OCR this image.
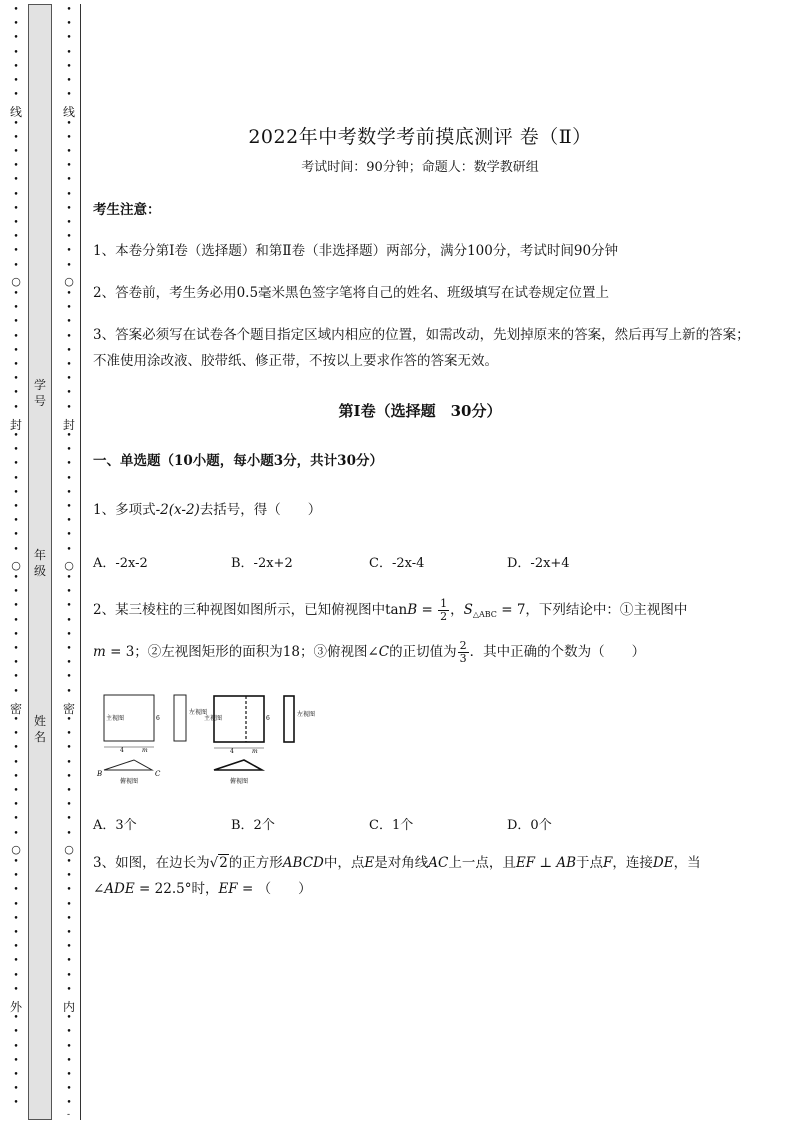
•
•
•
•
•
•
•
线
•
•
•
•
•
•
•
•
•
•
•
○
•
•
•
•
•
•
•
•
•
封
•
•
•
•
•
•
•
•
•
○
•
•
•
•
•
•
•
•
•
密
•
•
•
•
•
•
•
•
•
○
•
•
•
•
•
•
•
•
•
•
外
•
•
•
•
•
•
•
学号
年级
姓名
•
•
•
•
•
•
•
线
•
•
•
•
•
•
•
•
•
•
•
○
•
•
•
•
•
•
•
•
•
封
•
•
•
•
•
•
•
•
•
○
•
•
•
•
•
•
•
•
•
密
•
•
•
•
•
•
•
•
•
○
•
•
•
•
•
•
•
•
•
•
内
•
•
•
•
•
•
•
-
2022年中考数学考前摸底测评 卷（Ⅱ）
考试时间：90分钟；命题人：数学教研组
考生注意：
1、本卷分第Ⅰ卷（选择题）和第Ⅱ卷（非选择题）两部分，满分100分，考试时间90分钟
2、答卷前，考生务必用0.5毫米黑色签字笔将自己的姓名、班级填写在试卷规定位置上
3、答案必须写在试卷各个题目指定区域内相应的位置，如需改动，先划掉原来的答案，然后再写上新的答案；不准使用涂改液、胶带纸、修正带，不按以上要求作答的答案无效。
第Ⅰ卷（选择题　30分）
一、单选题（10小题，每小题3分，共计30分）
1、多项式-2(x-2)去括号，得（　　）
A．-2x-2	B．-2x+2	C．-2x-4	D．-2x+4
2、某三棱柱的三种视图如图所示，已知俯视图中$\tan B = \frac{1}{2}$ ，$S_{\triangle ABC} = 7$，下列结论中：①主视图中
m = 3；②左视图矩形的面积为18；③俯视图∠C的正切值为 $\frac{2}{3}$ ．其中正确的个数为（　　）
主视图	6
4	m
左视图
B	C
俯视图
主视图	6
4	m
左视图
俯视图
A．3个	B．2个	C．1个	D．0个
3、如图，在边长为√2的正方形ABCD中，点E是对角线AC上一点，且EF ⊥ AB于点F，连接DE，当
∠ADE = 22.5°时，EF = （　　）
